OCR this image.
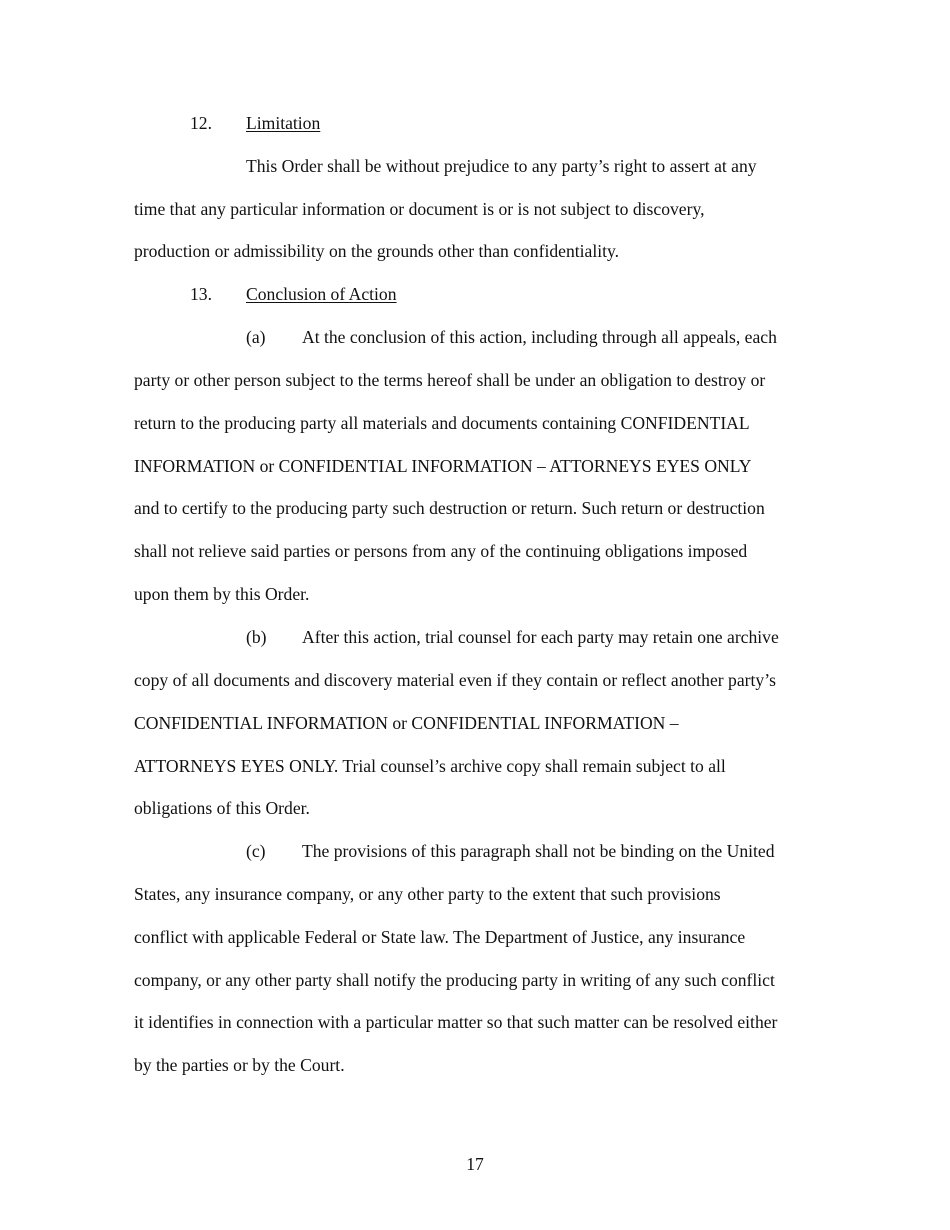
12. Limitation
This Order shall be without prejudice to any party’s right to assert at any
time that any particular information or document is or is not subject to discovery,
production or admissibility on the grounds other than confidentiality.
13. Conclusion of Action
(a) At the conclusion of this action, including through all appeals, each
party or other person subject to the terms hereof shall be under an obligation to destroy or
return to the producing party all materials and documents containing CONFIDENTIAL
INFORMATION or CONFIDENTIAL INFORMATION – ATTORNEYS EYES ONLY
and to certify to the producing party such destruction or return. Such return or destruction
shall not relieve said parties or persons from any of the continuing obligations imposed
upon them by this Order.
(b) After this action, trial counsel for each party may retain one archive
copy of all documents and discovery material even if they contain or reflect another party’s
CONFIDENTIAL INFORMATION or CONFIDENTIAL INFORMATION –
ATTORNEYS EYES ONLY. Trial counsel’s archive copy shall remain subject to all
obligations of this Order.
(c) The provisions of this paragraph shall not be binding on the United
States, any insurance company, or any other party to the extent that such provisions
conflict with applicable Federal or State law. The Department of Justice, any insurance
company, or any other party shall notify the producing party in writing of any such conflict
it identifies in connection with a particular matter so that such matter can be resolved either
by the parties or by the Court.
17
